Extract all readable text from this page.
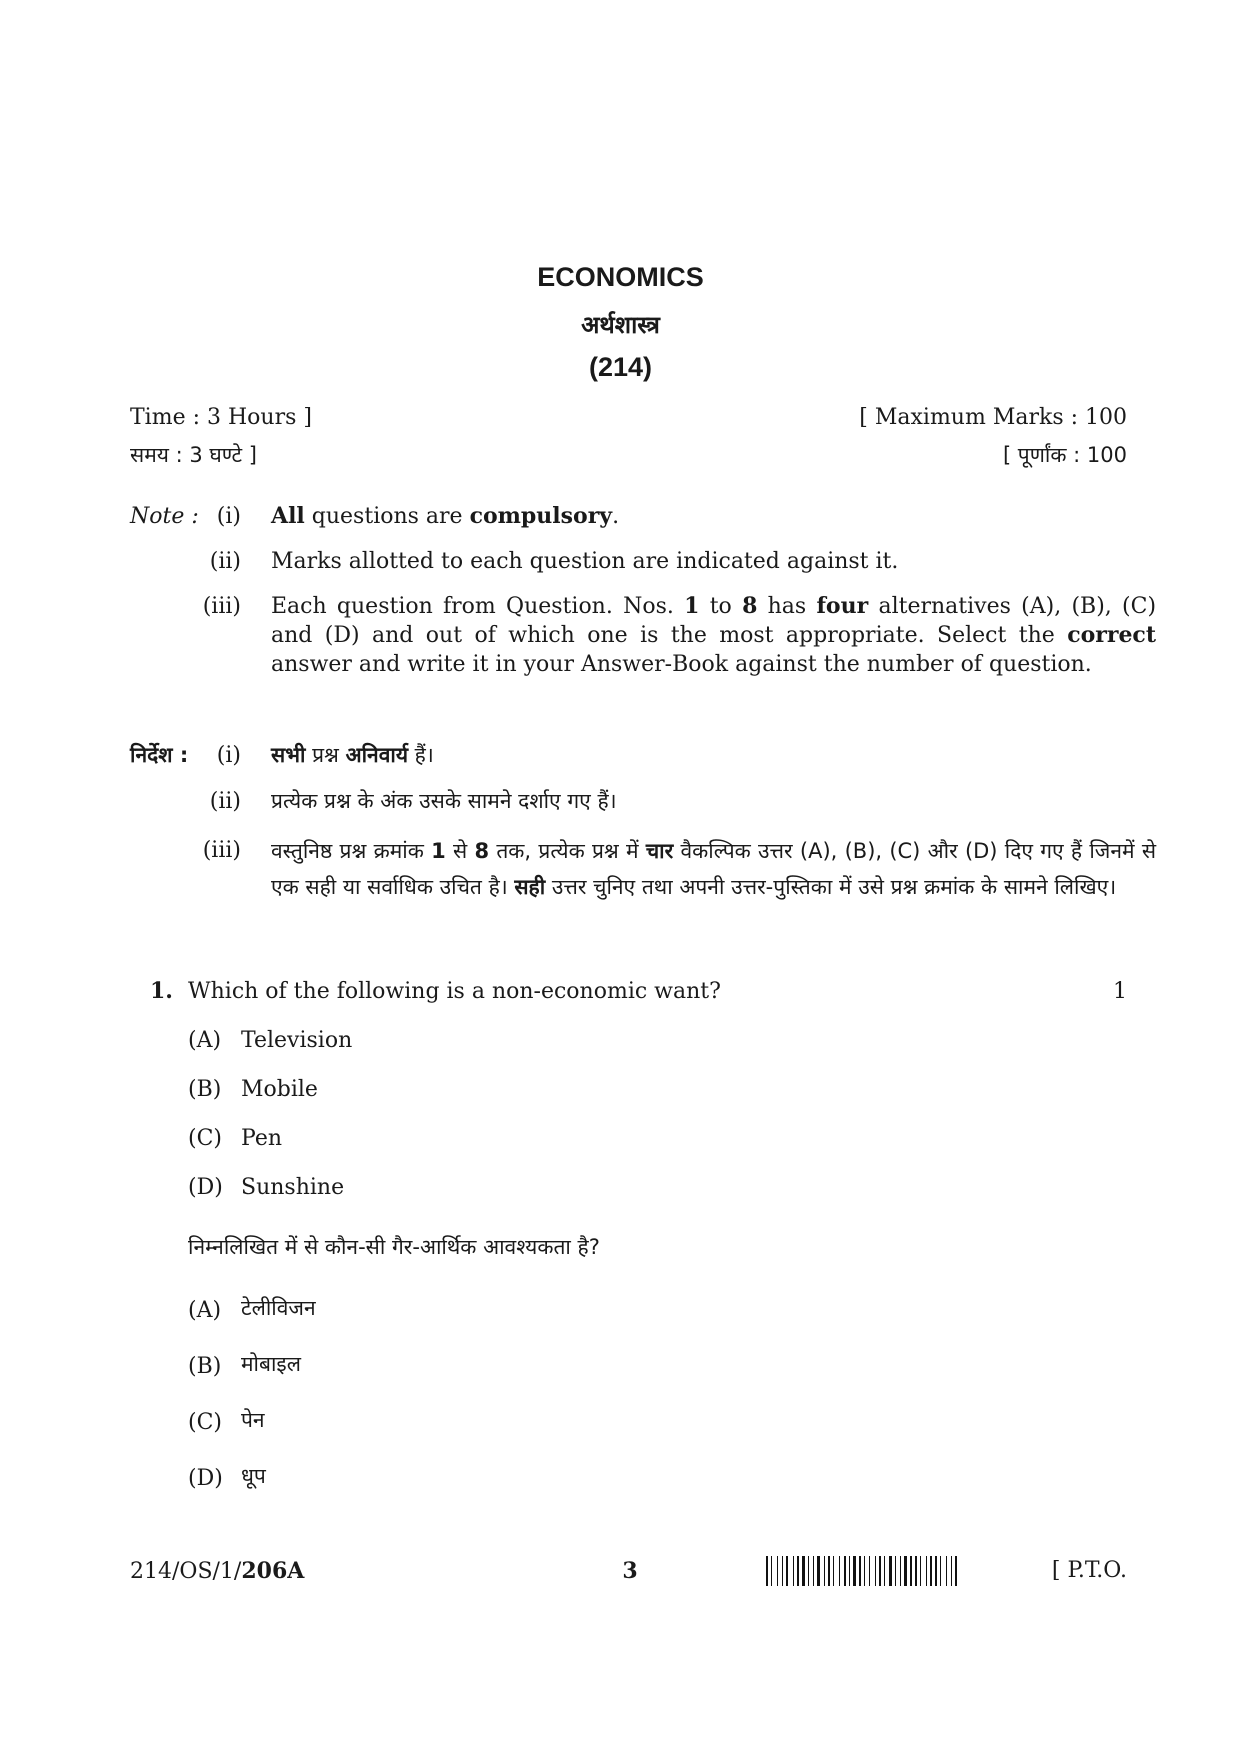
ECONOMICS
अर्थशास्त्र
(214)
Time : 3 Hours ]	[ Maximum Marks : 100
समय : 3 घण्टे ]	[ पूर्णांक : 100
Note : (i) All questions are compulsory.
(ii) Marks allotted to each question are indicated against it.
(iii) Each question from Question. Nos. 1 to 8 has four alternatives (A), (B), (C) and (D) and out of which one is the most appropriate. Select the correct answer and write it in your Answer-Book against the number of question.
निर्देश :	(i) सभी प्रश्न अनिवार्य हैं।
(ii) प्रत्येक प्रश्न के अंक उसके सामने दर्शाए गए हैं।
(iii) वस्तुनिष्ठ प्रश्न क्रमांक 1 से 8 तक, प्रत्येक प्रश्न में चार वैकल्पिक उत्तर (A), (B), (C) और (D) दिए गए हैं जिनमें से एक सही या सर्वाधिक उचित है। सही उत्तर चुनिए तथा अपनी उत्तर-पुस्तिका में उसे प्रश्न क्रमांक के सामने लिखिए।
1. Which of the following is a non-economic want?	1
(A) Television
(B) Mobile
(C) Pen
(D) Sunshine
निम्नलिखित में से कौन-सी गैर-आर्थिक आवश्यकता है?
(A) टेलीविजन
(B) मोबाइल
(C) पेन
(D) धूप
214/OS/1/206A	3	[ P.T.O.
